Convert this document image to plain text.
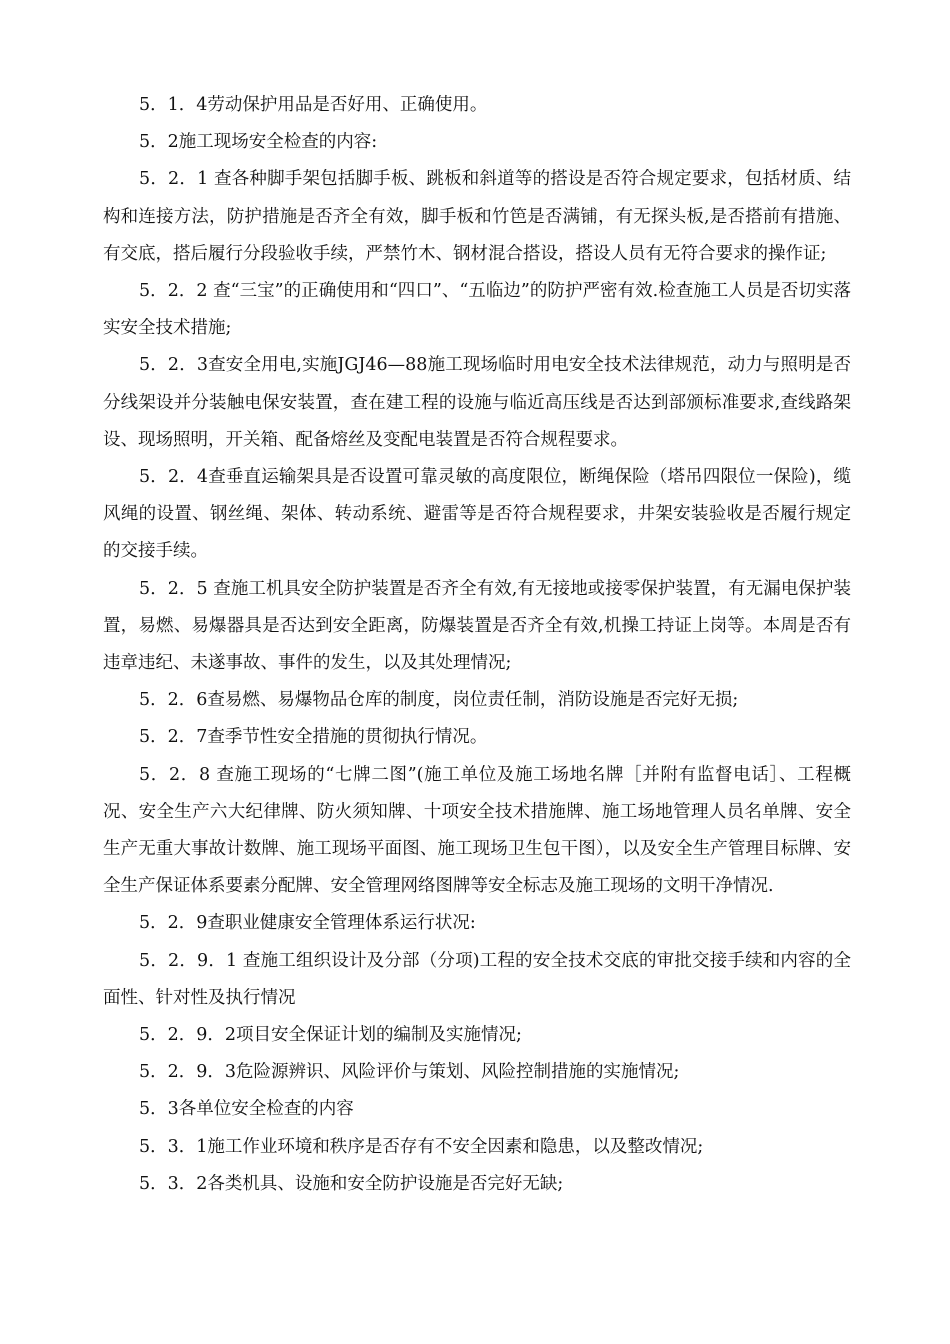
5．1．4劳动保护用品是否好用、正确使用。

5．2施工现场安全检查的内容:

5．2．1 查各种脚手架包括脚手板、跳板和斜道等的搭设是否符合规定要求，包括材质、结构和连接方法，防护措施是否齐全有效，脚手板和竹笆是否满铺，有无探头板,是否搭前有措施、有交底，搭后履行分段验收手续，严禁竹木、钢材混合搭设，搭设人员有无符合要求的操作证;

5．2．2 查“三宝”的正确使用和“四口”、“五临边”的防护严密有效.检查施工人员是否切实落实安全技术措施;

5．2．3查安全用电,实施JGJ46—88施工现场临时用电安全技术法律规范，动力与照明是否分线架设并分装触电保安装置，查在建工程的设施与临近高压线是否达到部颁标准要求,查线路架设、现场照明，开关箱、配备熔丝及变配电装置是否符合规程要求。

5．2．4查垂直运输架具是否设置可靠灵敏的高度限位，断绳保险（塔吊四限位一保险)，缆风绳的设置、钢丝绳、架体、转动系统、避雷等是否符合规程要求，井架安装验收是否履行规定的交接手续。

5．2．5 查施工机具安全防护装置是否齐全有效,有无接地或接零保护装置，有无漏电保护装置，易燃、易爆器具是否达到安全距离，防爆装置是否齐全有效,机操工持证上岗等。本周是否有违章违纪、未遂事故、事件的发生，以及其处理情况;

5．2．6查易燃、易爆物品仓库的制度，岗位责任制，消防设施是否完好无损;

5．2．7查季节性安全措施的贯彻执行情况。

5．2．8 查施工现场的“七牌二图”(施工单位及施工场地名牌［并附有监督电话］、工程概况、安全生产六大纪律牌、防火须知牌、十项安全技术措施牌、施工场地管理人员名单牌、安全生产无重大事故计数牌、施工现场平面图、施工现场卫生包干图），以及安全生产管理目标牌、安全生产保证体系要素分配牌、安全管理网络图牌等安全标志及施工现场的文明干净情况.

5．2．9查职业健康安全管理体系运行状况:

5．2．9．1 查施工组织设计及分部（分项)工程的安全技术交底的审批交接手续和内容的全面性、针对性及执行情况

5．2．9．2项目安全保证计划的编制及实施情况;

5．2．9．3危险源辨识、风险评价与策划、风险控制措施的实施情况;

5．3各单位安全检查的内容

5．3．1施工作业环境和秩序是否存有不安全因素和隐患，以及整改情况;

5．3．2各类机具、设施和安全防护设施是否完好无缺;
